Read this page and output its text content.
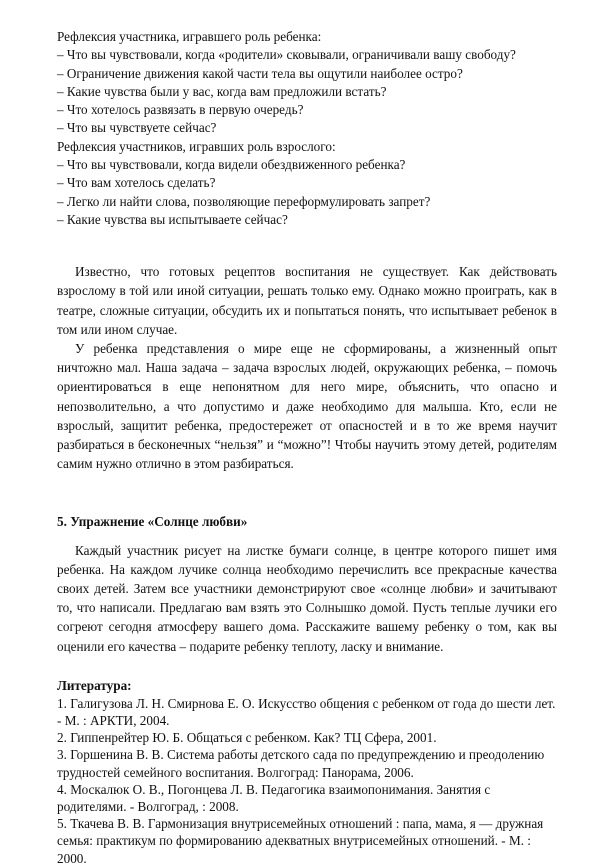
Рефлексия участника, игравшего роль ребенка:
– Что вы чувствовали, когда «родители» сковывали, ограничивали вашу свободу?
– Ограничение движения какой части тела вы ощутили наиболее остро?
– Какие чувства были у вас, когда вам предложили встать?
– Что хотелось развязать в первую очередь?
– Что вы чувствуете сейчас?
Рефлексия участников, игравших роль взрослого:
– Что вы чувствовали, когда видели обездвиженного ребенка?
– Что вам хотелось сделать?
– Легко ли найти слова, позволяющие переформулировать запрет?
– Какие чувства вы испытываете сейчас?
Известно, что готовых рецептов воспитания не существует. Как действовать взрослому в той или иной ситуации, решать только ему. Однако можно проиграть, как в театре, сложные ситуации, обсудить их и попытаться понять, что испытывает ребенок в том или ином случае.
У ребенка представления о мире еще не сформированы, а жизненный опыт ничтожно мал. Наша задача – задача взрослых людей, окружающих ребенка, – помочь ориентироваться в еще непонятном для него мире, объяснить, что опасно и непозволительно, а что допустимо и даже необходимо для малыша. Кто, если не взрослый, защитит ребенка, предостережет от опасностей и в то же время научит разбираться в бесконечных “нельзя” и “можно”! Чтобы научить этому детей, родителям самим нужно отлично в этом разбираться.
5. Упражнение «Солнце любви»
Каждый участник рисует на листке бумаги солнце, в центре которого пишет имя ребенка. На каждом лучике солнца необходимо перечислить все прекрасные качества своих детей. Затем все участники демонстрируют свое «солнце любви» и зачитывают то, что написали. Предлагаю вам взять это Солнышко домой. Пусть теплые лучики его согреют сегодня атмосферу вашего дома. Расскажите вашему ребенку о том, как вы оценили его качества – подарите ребенку теплоту, ласку и внимание.
Литература:
1. Галигузова Л. Н. Смирнова Е. О. Искусство общения с ребенком от года до шести лет. - М. : АРКТИ, 2004.
2. Гиппенрейтер Ю. Б. Общаться с ребенком. Как? ТЦ Сфера, 2001.
3. Горшенина В. В. Система работы детского сада по предупреждению и преодолению трудностей семейного воспитания. Волгоград: Панорама, 2006.
4. Москалюк О. В., Погонцева Л. В. Педагогика взаимопонимания. Занятия с родителями. - Волгоград, : 2008.
5. Ткачева В. В. Гармонизация внутрисемейных отношений : папа, мама, я — дружная семья: практикум по формированию адекватных внутрисемейных отношений. - М. : 2000.
